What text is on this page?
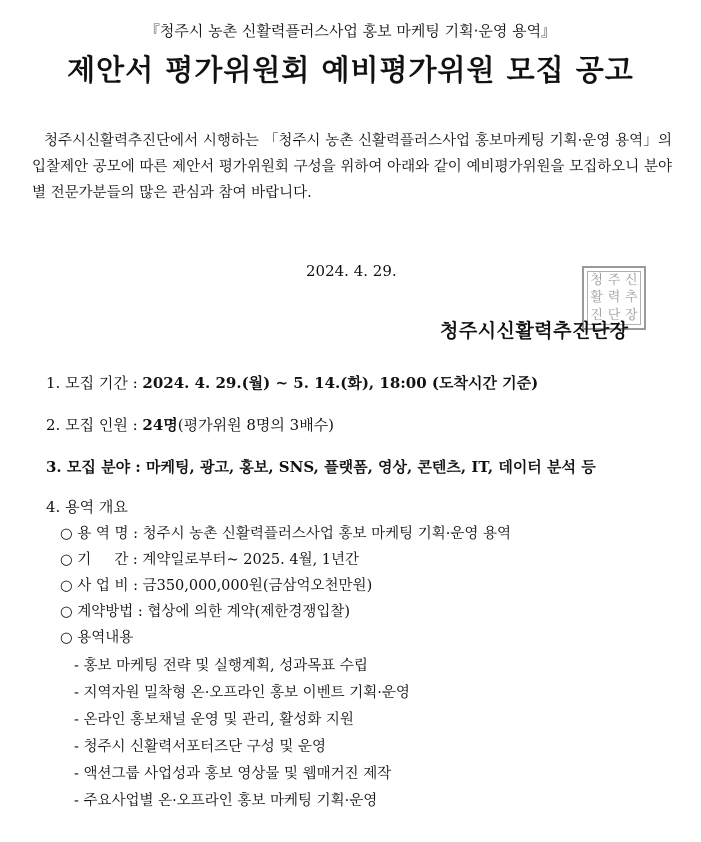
『청주시 농촌 신활력플러스사업 홍보 마케팅 기획·운영 용역』
제안서 평가위원회 예비평가위원 모집 공고
청주시신활력추진단에서 시행하는 「청주시 농촌 신활력플러스사업 홍보마케팅 기획·운영 용역」의 입찰제안 공모에 따른 제안서 평가위원회 구성을 위하여 아래와 같이 예비평가위원을 모집하오니 분야별 전문가분들의 많은 관심과 참여 바랍니다.
2024. 4. 29.
청 주 신
활 력 추
진 단 장
청주시신활력추진단장
1. 모집 기간 : 2024. 4. 29.(월) ~ 5. 14.(화), 18:00 (도착시간 기준)
2. 모집 인원 : 24명(평가위원 8명의 3배수)
3. 모집 분야 : 마케팅, 광고, 홍보, SNS, 플랫폼, 영상, 콘텐츠, IT, 데이터 분석 등
4. 용역 개요
○ 용 역 명 : 청주시 농촌 신활력플러스사업 홍보 마케팅 기획·운영 용역
○ 기     간 : 계약일로부터~ 2025. 4월, 1년간
○ 사 업 비 : 금350,000,000원(금삼억오천만원)
○ 계약방법 : 협상에 의한 계약(제한경쟁입찰)
○ 용역내용
- 홍보 마케팅 전략 및 실행계획, 성과목표 수립
- 지역자원 밀착형 온·오프라인 홍보 이벤트 기획·운영
- 온라인 홍보채널 운영 및 관리, 활성화 지원
- 청주시 신활력서포터즈단 구성 및 운영
- 액션그룹 사업성과 홍보 영상물 및 웹매거진 제작
- 주요사업별 온·오프라인 홍보 마케팅 기획·운영
